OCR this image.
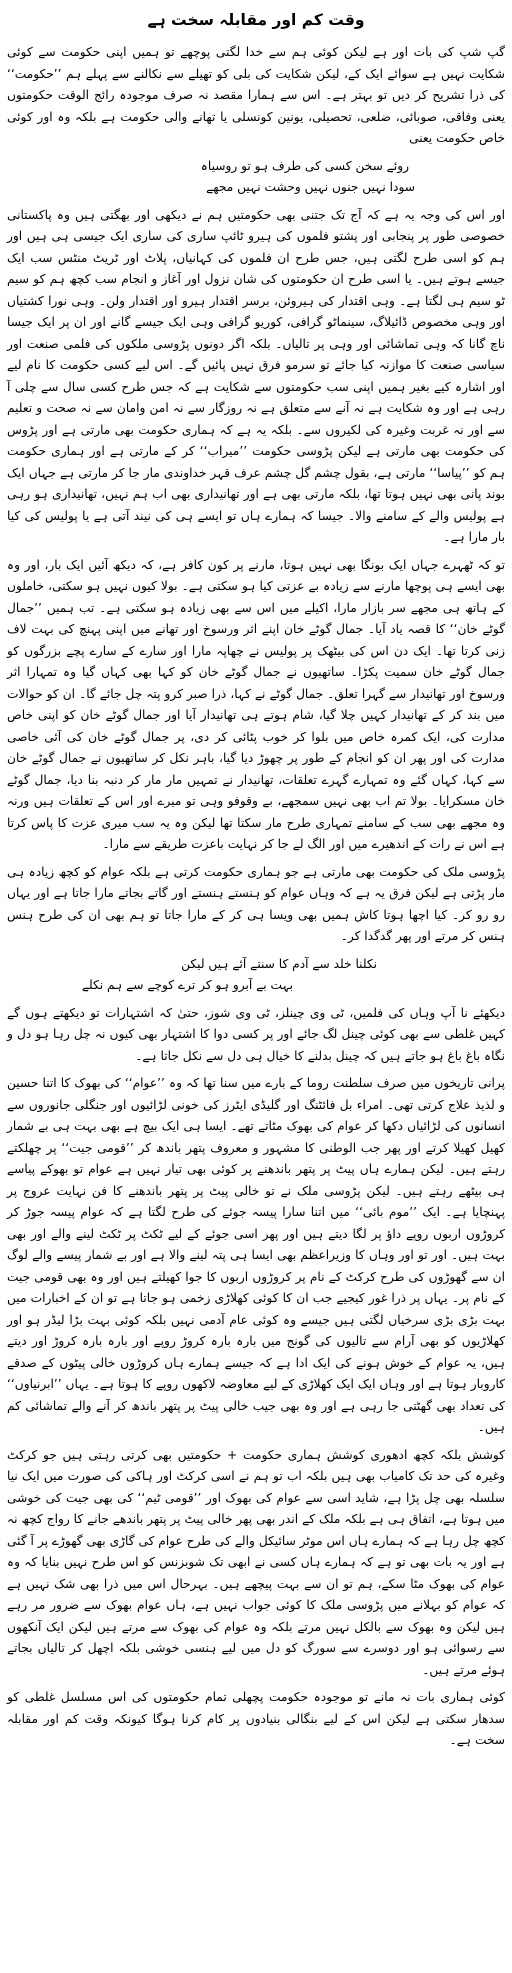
وقت کم اور مقابلہ سخت ہے

گپ شپ کی بات اور ہے لیکن کوئی ہم سے خدا لگتی پوچھے تو ہمیں اپنی حکومت سے کوئی شکایت نہیں ہے سوائے ایک کے، لیکن شکایت کی بلی کو تھیلے سے نکالنے سے پہلے ہم ’’حکومت‘‘ کی ذرا تشریح کر دیں تو بہتر ہے۔ اس سے ہمارا مقصد نہ صرف موجودہ رائج الوقت حکومتوں یعنی وفاقی، صوبائی، ضلعی، تحصیلی، یونین کونسلی یا تھانے والی حکومت ہے بلکہ وہ اور کوئی خاص حکومت یعنی

روئے سخن کسی کی طرف ہو تو روسیاہ
سودا نہیں جنوں نہیں وحشت نہیں مجھے

اور اس کی وجہ یہ ہے کہ آج تک جتنی بھی حکومتیں ہم نے دیکھی اور بھگتی ہیں وہ پاکستانی خصوصی طور پر پنجابی اور پشتو فلموں کی ہیرو ٹائپ ساری کی ساری ایک جیسی ہی ہیں اور ہم کو اسی طرح لگتی ہیں، جس طرح ان فلموں کی کہانیاں، پلاٹ اور ٹریٹ منٹس سب ایک جیسے ہوتے ہیں۔ یا اسی طرح ان حکومتوں کی شان نزول اور آغاز و انجام سب کچھ ہم کو سیم ٹو سیم ہی لگتا ہے۔ وہی اقتدار کی ہیروئن، برسر اقتدار ہیرو اور اقتدار ولن۔ وہی نورا کشتیاں اور وہی مخصوص ڈائیلاگ، سینماٹو گرافی، کوریو گرافی وہی ایک جیسے گانے اور ان پر ایک جیسا ناچ گانا کہ وہی تماشائی اور وہی پر تالیاں۔ بلکہ اگر دونوں پڑوسی ملکوں کی فلمی صنعت اور سیاسی صنعت کا موازنہ کیا جائے تو سرمو فرق نہیں پائیں گے۔ اس لیے کسی حکومت کا نام لیے اور اشارہ کیے بغیر ہمیں اپنی سب حکومتوں سے شکایت ہے کہ جس طرح کسی سال سے چلی آ رہی ہے اور وہ شکایت ہے نہ آنے سے متعلق ہے نہ روزگار سے نہ امن وامان سے نہ صحت و تعلیم سے اور نہ غربت وغیرہ کی لکیروں سے۔ بلکہ یہ ہے کہ ہماری حکومت بھی مارتی ہے اور پڑوس کی حکومت بھی مارتی ہے لیکن پڑوسی حکومت ’’میراب‘‘ کر کے مارتی ہے اور ہماری حکومت ہم کو ’’پیاسا‘‘ مارتی ہے، بقول چشم گل چشم عرف قہر خداوندی مار جا کر مارتی ہے جہاں ایک بوند پانی بھی نہیں ہوتا تھا، بلکہ مارتی بھی ہے اور تھانیداری بھی اب ہم نہیں، تھانیداری ہو رہی ہے پولیس والے کے سامنے والا۔ جیسا کہ ہمارے ہاں تو ایسے ہی کی نیند آتی ہے یا پولیس کی کیا بار مارا ہے۔

تو کہ ٹھہرے جہاں ایک بونگا بھی نہیں ہوتا، مارنے پر کون کافر ہے، کہ دیکھ آئیں ایک بار، اور وہ بھی ایسے ہی پوچھا مارنے سے زیادہ بے عزتی کیا ہو سکتی ہے۔ بولا کیوں نہیں ہو سکتی، خاملوں کے ہاتھ ہی مجھے سر بازار مارا، اکیلے میں اس سے بھی زیادہ ہو سکتی ہے۔ تب ہمیں ’’جمال گوٹے خان‘‘ کا قصہ یاد آیا۔ جمال گوٹے خان اپنے اثر ورسوخ اور تھانے میں اپنی پہنچ کی بہت لاف زنی کرتا تھا۔ ایک دن اس کی بیٹھک پر پولیس نے چھاپہ مارا اور سارے کے سارے پچے بزرگوں کو جمال گوٹے خان سمیت پکڑا۔ ساتھیوں نے جمال گوٹے خان کو کہا بھی کہاں گیا وہ تمہارا اثر ورسوخ اور تھانیدار سے گہرا تعلق۔ جمال گوٹے نے کہا، ذرا صبر کرو پتہ چل جائے گا۔ ان کو حوالات میں بند کر کے تھانیدار کہیں چلا گیا، شام ہوتے ہی تھانیدار آیا اور جمال گوٹے خان کو اپنی خاص مدارت کی، ایک کمرہ خاص میں بلوا کر خوب پٹائی کر دی، پر جمال گوٹے خان کی آئی خاصی مدارت کی اور پھر ان کو انجام کے طور پر چھوڑ دیا گیا، باہر نکل کر ساتھیوں نے جمال گوٹے خان سے کہا، کہاں گئے وہ تمہارے گہرے تعلقات، تھانیدار نے تمہیں مار مار کر دنبہ بنا دیا، جمال گوٹے خان مسکرایا۔ بولا تم اب بھی نہیں سمجھے، بے وقوفو وہی تو میرے اور اس کے تعلقات ہیں ورنہ وہ مجھے بھی سب کے سامنے تمہاری طرح مار سکتا تھا لیکن وہ یہ سب میری عزت کا پاس کرتا ہے اس نے رات کے اندھیرے میں اور الگ لے جا کر نہایت باعزت طریقے سے مارا۔

پڑوسی ملک کی حکومت بھی مارتی ہے جو ہماری حکومت کرتی ہے بلکہ عوام کو کچھ زیادہ ہی مار پڑتی ہے لیکن فرق یہ ہے کہ وہاں عوام کو ہنستے ہنستے اور گاتے بجاتے مارا جاتا ہے اور یہاں رو رو کر۔ کیا اچھا ہوتا کاش ہمیں بھی ویسا ہی کر کے مارا جاتا تو ہم بھی ان کی طرح ہنس ہنس کر مرتے اور پھر گدگدا کر۔

نکلنا خلد سے آدم کا سنتے آئے ہیں لیکن
بہت بے آبرو ہو کر ترے کوچے سے ہم نکلے

دیکھئے نا آپ وہاں کی فلمیں، ٹی وی چینلز، ٹی وی شوز، حتیٰ کہ اشتہارات تو دیکھتے ہوں گے کہیں غلطی سے بھی کوئی چینل لگ جائے اور پر کسی دوا کا اشتہار بھی کیوں نہ چل رہا ہو دل و نگاہ باغ باغ ہو جاتے ہیں کہ چینل بدلنے کا خیال ہی دل سے نکل جاتا ہے۔

پرانی تاریخوں میں صرف سلطنت روما کے بارے میں سنا تھا کہ وہ ’’عوام‘‘ کی بھوک کا اتنا حسین و لذیذ علاج کرتی تھی۔ امراء بل فائٹنگ اور گلیڈی ایٹرز کی خونی لڑائیوں اور جنگلی جانوروں سے انسانوں کی لڑائیاں دکھا کر عوام کی بھوک مٹاتے تھے۔ ایسا ہی ایک بیچ ہے بھی بہت ہی بے شمار کھیل کھیلا کرتے اور پھر جب الوطنی کا مشہور و معروف پتھر باندھ کر ’’قومی جیت‘‘ پر چھلکتے رہتے ہیں۔ لیکن ہمارے ہاں پیٹ پر پتھر باندھنے پر کوئی بھی تیار نہیں ہے عوام تو بھوکے پیاسے ہی بیٹھے رہتے ہیں۔ لیکن پڑوسی ملک نے تو خالی پیٹ پر پتھر باندھنے کا فن نہایت عروج پر پہنچایا ہے۔ ایک ’’موم بائی‘‘ میں اتنا سارا پیسہ جوئے کی طرح لگتا ہے کہ عوام پیسہ جوڑ کر کروڑوں اربوں روپے داؤ پر لگا دیتے ہیں اور پھر اسی جوئے کے لیے ٹکٹ پر ٹکٹ لینے والے اور بھی بہت ہیں۔ اور تو اور وہاں کا وزیراعظم بھی ایسا ہی پتہ لینے والا ہے اور بے شمار پیسے والے لوگ ان سے گھوڑوں کی طرح کرکٹ کے نام پر کروڑوں اربوں کا جوا کھیلتے ہیں اور وہ بھی قومی جیت کے نام پر۔ یہاں پر ذرا غور کیجیے جب ان کا کوئی کھلاڑی زخمی ہو جاتا ہے تو ان کے اخبارات میں بہت بڑی بڑی سرخیاں لگتی ہیں جیسے وہ کوئی عام آدمی نہیں بلکہ کوئی بہت بڑا لیڈر ہو اور کھلاڑیوں کو بھی آرام سے تالیوں کی گونج میں بارہ بارہ کروڑ روپے اور بارہ بارہ کروڑ اور دیتے ہیں، یہ عوام کے خوش ہونے کی ایک ادا ہے کہ جیسے ہمارے ہاں کروڑوں خالی پیٹوں کے صدقے کاروبار ہوتا ہے اور وہاں ایک ایک کھلاڑی کے لیے معاوضہ لاکھوں روپے کا ہوتا ہے۔ یہاں ’’ابرنیاوں‘‘ کی تعداد بھی گھٹتی جا رہی ہے اور وہ بھی جیب خالی پیٹ پر پتھر باندھ کر آنے والے تماشائی کم ہیں۔

کوشش بلکہ کچھ ادھوری کوشش ہماری حکومت + حکومتیں بھی کرتی رہتی ہیں جو کرکٹ وغیرہ کی حد تک کامیاب بھی ہیں بلکہ اب تو ہم نے اسی کرکٹ اور ہاکی کی صورت میں ایک نیا سلسلہ بھی چل پڑا ہے، شاید اسی سے عوام کی بھوک اور ’’قومی ٹیم‘‘ کی بھی جیت کی خوشی میں ہوتا ہے، اتفاق ہی ہے بلکہ ملک کے اندر بھی پھر خالی پیٹ پر پتھر باندھے جانے کا رواج کچھ نہ کچھ چل رہا ہے کہ ہمارے ہاں اس موٹر سائیکل والے کی طرح عوام کی گاڑی بھی گھوڑے پر آ گئی ہے اور یہ بات بھی تو ہے کہ ہمارے ہاں کسی نے ابھی تک شوبزنس کو اس طرح نہیں بنایا کہ وہ عوام کی بھوک مٹا سکے، ہم تو ان سے بہت پیچھے ہیں۔ بہرحال اس میں ذرا بھی شک نہیں ہے کہ عوام کو بہلانے میں پڑوسی ملک کا کوئی جواب نہیں ہے، ہاں عوام بھوک سے ضرور مر رہے ہیں لیکن وہ بھوک سے بالکل نہیں مرتے بلکہ وہ عوام کی بھوک سے مرتے ہیں لیکن ایک آنکھوں سے رسوائی ہو اور دوسرے سے سورگ کو دل میں لیے ہنسی خوشی بلکہ اچھل کر تالیاں بجاتے ہوئے مرتے ہیں۔

کوئی ہماری بات نہ مانے تو موجودہ حکومت پچھلی تمام حکومتوں کی اس مسلسل غلطی کو سدھار سکتی ہے لیکن اس کے لیے بنگالی بنیادوں پر کام کرنا ہوگا کیونکہ وقت کم اور مقابلہ سخت ہے۔
